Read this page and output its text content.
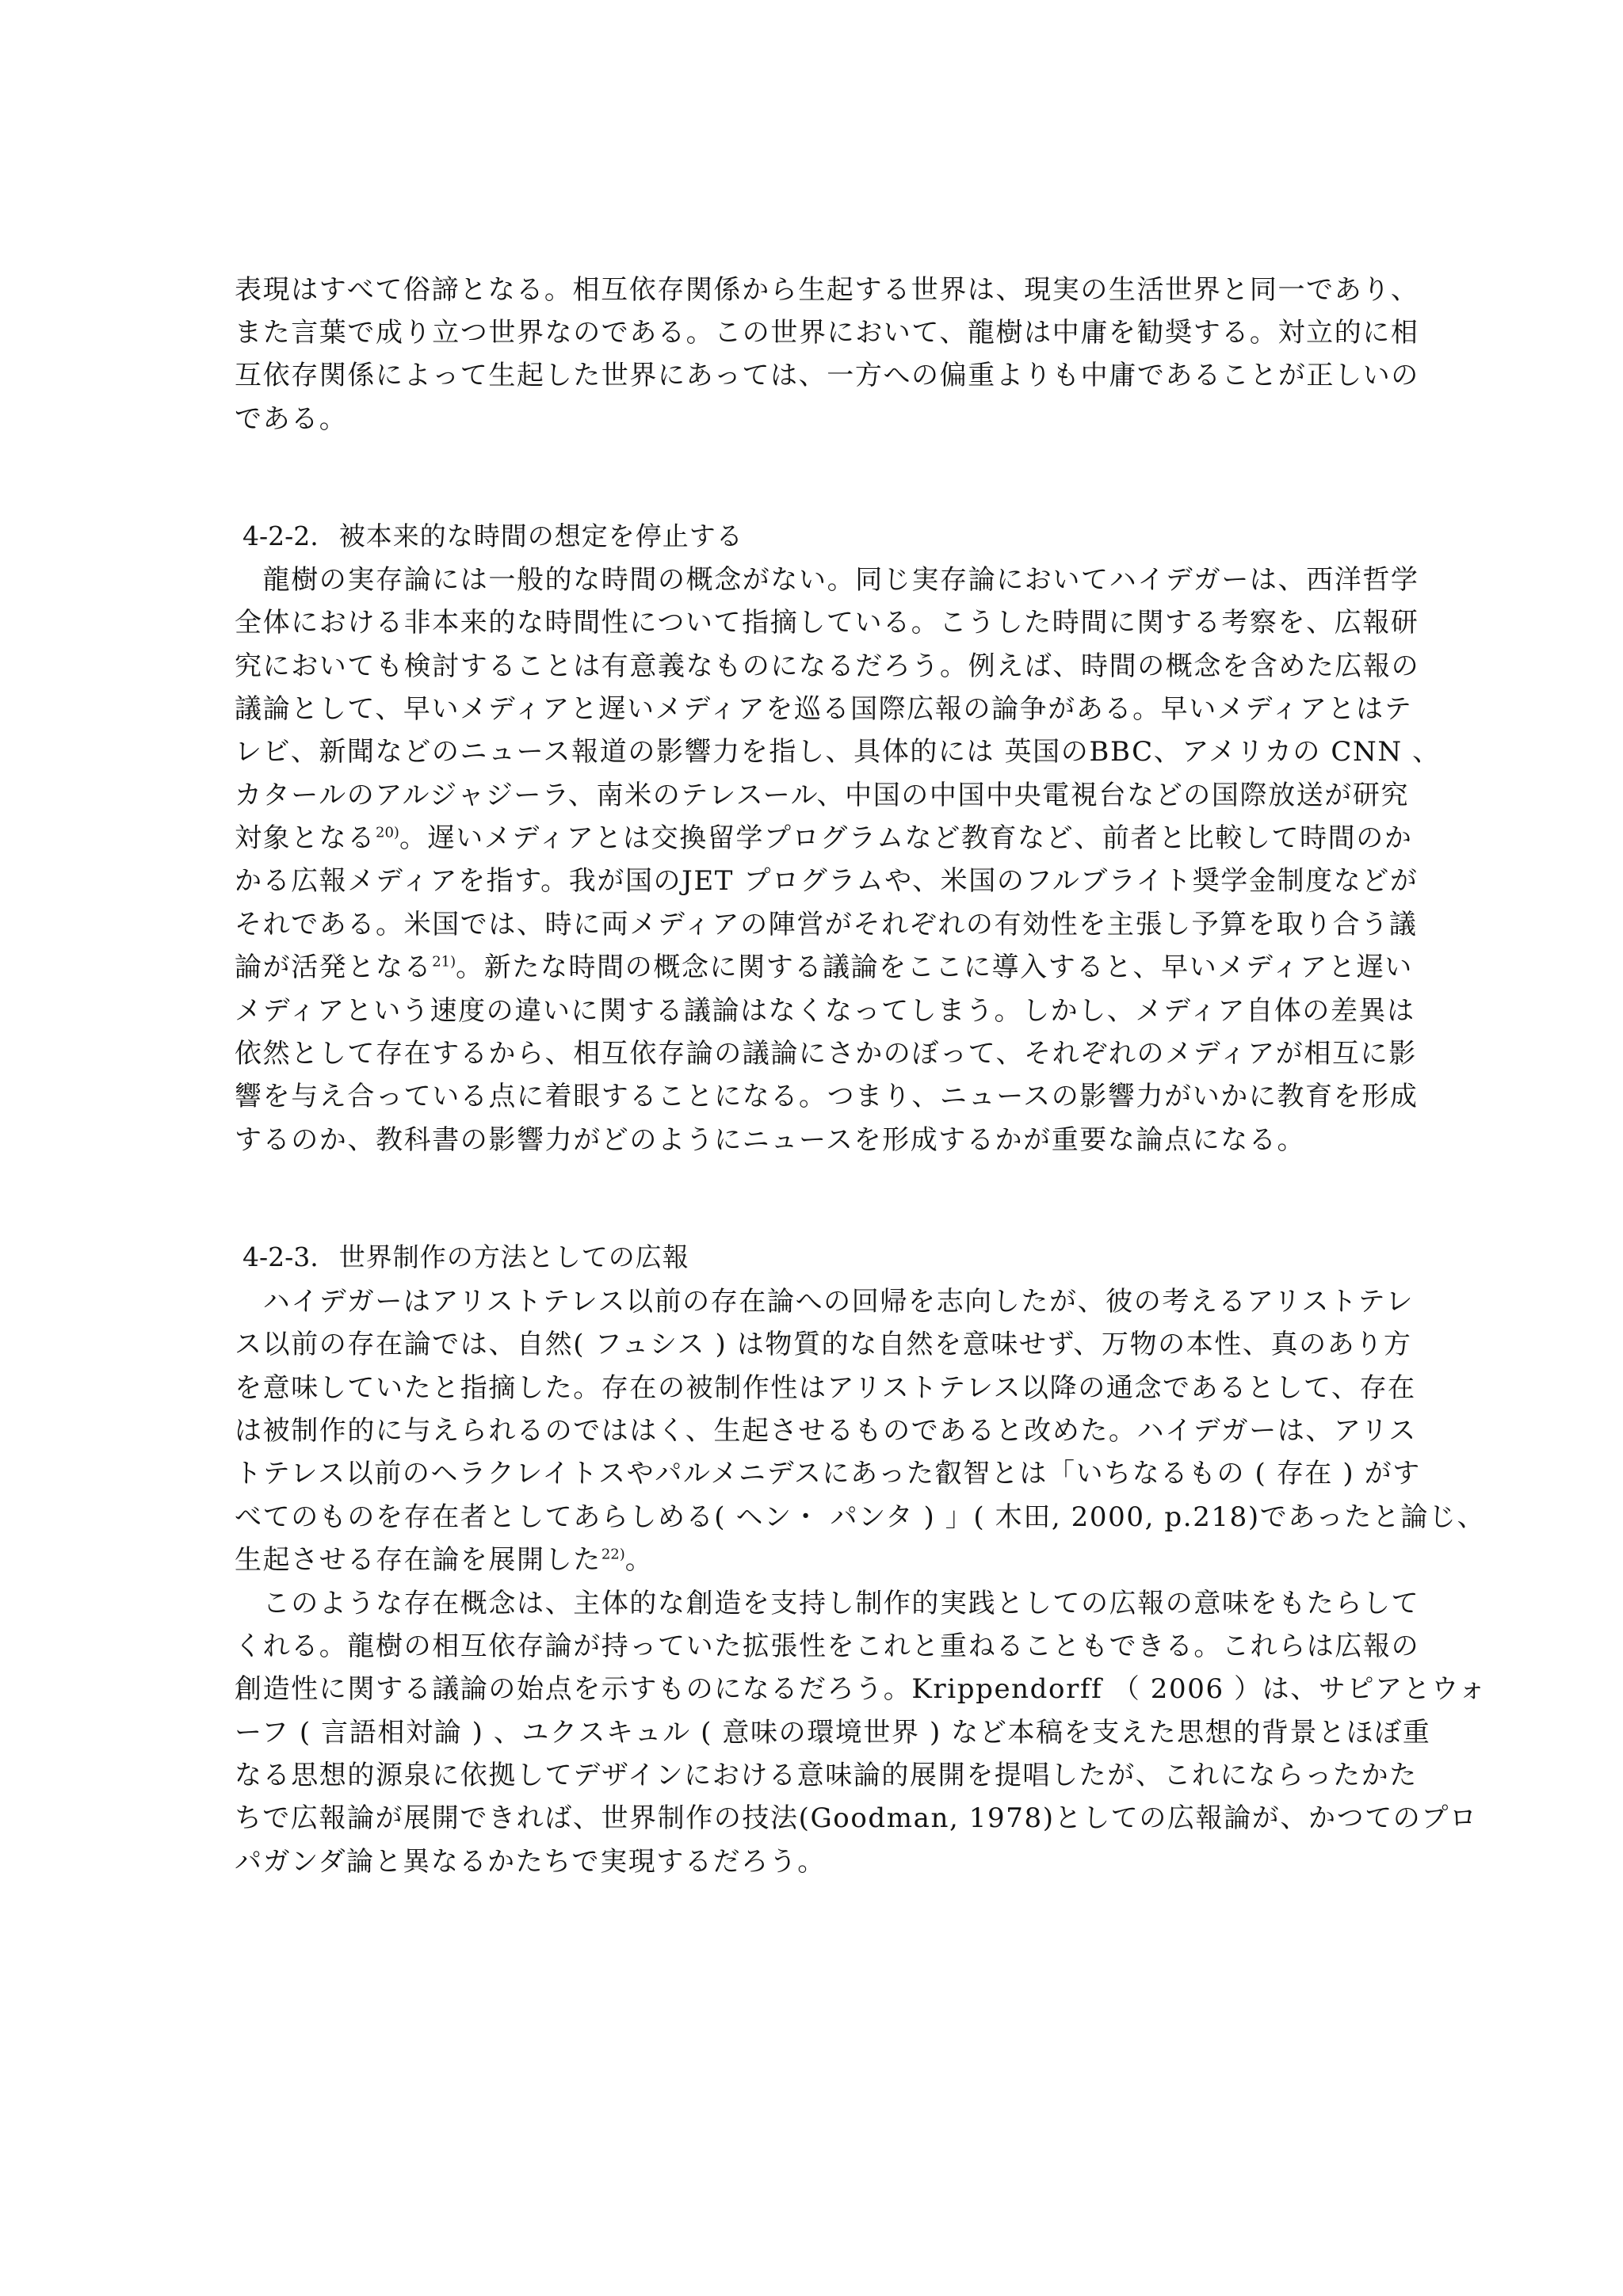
表現はすべて俗諦となる。相互依存関係から生起する世界は、現実の生活世界と同一であり、
また言葉で成り立つ世界なのである。この世界において、龍樹は中庸を勧奨する。対立的に相
互依存関係によって生起した世界にあっては、一方への偏重よりも中庸であることが正しいの
である。
4-2-2. 被本来的な時間の想定を停止する
　龍樹の実存論には一般的な時間の概念がない。同じ実存論においてハイデガーは、西洋哲学
全体における非本来的な時間性について指摘している。こうした時間に関する考察を、広報研
究においても検討することは有意義なものになるだろう。例えば、時間の概念を含めた広報の
議論として、早いメディアと遅いメディアを巡る国際広報の論争がある。早いメディアとはテ
レビ、新聞などのニュース報道の影響力を指し、具体的には 英国のBBC、アメリカの CNN 、
カタールのアルジャジーラ、南米のテレスール、中国の中国中央電視台などの国際放送が研究
対象となる$^{20)}$。遅いメディアとは交換留学プログラムなど教育など、前者と比較して時間のか
かる広報メディアを指す。我が国のJET プログラムや、米国のフルブライト奨学金制度などが
それである。米国では、時に両メディアの陣営がそれぞれの有効性を主張し予算を取り合う議
論が活発となる$^{21)}$。新たな時間の概念に関する議論をここに導入すると、早いメディアと遅い
メディアという速度の違いに関する議論はなくなってしまう。しかし、メディア自体の差異は
依然として存在するから、相互依存論の議論にさかのぼって、それぞれのメディアが相互に影
響を与え合っている点に着眼することになる。つまり、ニュースの影響力がいかに教育を形成
するのか、教科書の影響力がどのようにニュースを形成するかが重要な論点になる。
4-2-3. 世界制作の方法としての広報
　ハイデガーはアリストテレス以前の存在論への回帰を志向したが、彼の考えるアリストテレ
ス以前の存在論では、自然( フュシス ) は物質的な自然を意味せず、万物の本性、真のあり方
を意味していたと指摘した。存在の被制作性はアリストテレス以降の通念であるとして、存在
は被制作的に与えられるのでははく、生起させるものであると改めた。ハイデガーは、アリス
トテレス以前のヘラクレイトスやパルメニデスにあった叡智とは「いちなるもの ( 存在 ) がす
べてのものを存在者としてあらしめる( ヘン・ パンタ ) 」( 木田, 2000, p.218)であったと論じ、
生起させる存在論を展開した$^{22)}$。
　このような存在概念は、主体的な創造を支持し制作的実践としての広報の意味をもたらして
くれる。龍樹の相互依存論が持っていた拡張性をこれと重ねることもできる。これらは広報の
創造性に関する議論の始点を示すものになるだろう。Krippendorff （ 2006 ）は、サピアとウォ
ーフ ( 言語相対論 ) 、ユクスキュル ( 意味の環境世界 ) など本稿を支えた思想的背景とほぼ重
なる思想的源泉に依拠してデザインにおける意味論的展開を提唱したが、これにならったかた
ちで広報論が展開できれば、世界制作の技法(Goodman, 1978)としての広報論が、かつてのプロ
パガンダ論と異なるかたちで実現するだろう。
